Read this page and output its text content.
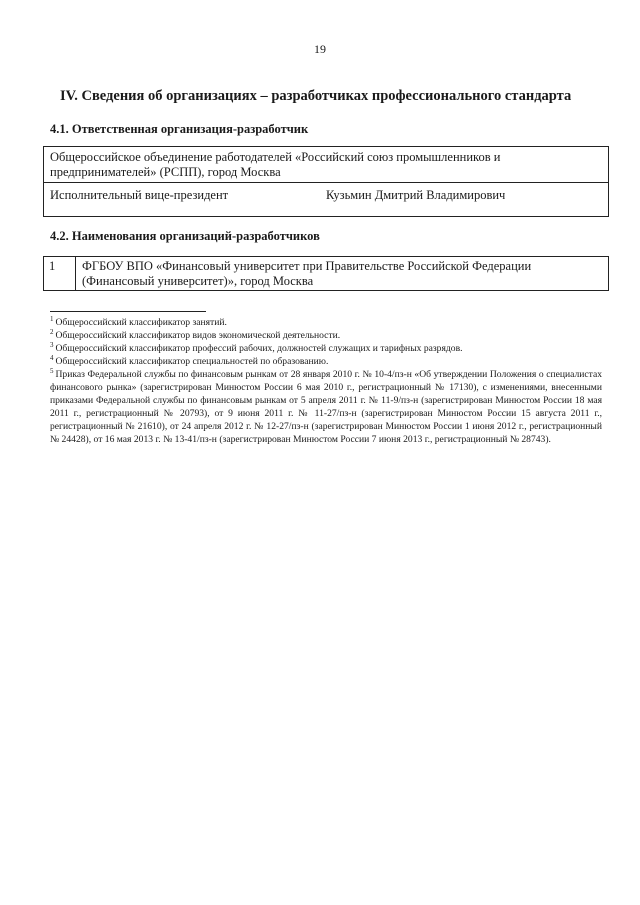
19
IV. Сведения об организациях – разработчиках профессионального стандарта
4.1. Ответственная организация-разработчик
Общероссийское объединение работодателей «Российский союз промышленников и предпринимателей» (РСПП), город Москва
Исполнительный вице-президент	Кузьмин Дмитрий Владимирович
4.2. Наименования организаций-разработчиков
1	ФГБОУ ВПО «Финансовый университет при Правительстве Российской Федерации (Финансовый университет)», город Москва

$^1$ Общероссийский классификатор занятий.

$^2$ Общероссийский классификатор видов экономической деятельности.

$^3$ Общероссийский классификатор профессий рабочих, должностей служащих и тарифных разрядов.

$^4$ Общероссийский классификатор специальностей по образованию.

$^5$ Приказ Федеральной службы по финансовым рынкам от 28 января 2010 г. № 10-4/пз-н «Об утверждении Положения о специалистах финансового рынка» (зарегистрирован Минюстом России 6 мая 2010 г., регистрационный № 17130), с изменениями, внесенными приказами Федеральной службы по финансовым рынкам от 5 апреля 2011 г. № 11-9/пз-н (зарегистрирован Минюстом России 18 мая 2011 г., регистрационный № 20793), от 9 июня 2011 г. № 11-27/пз-н (зарегистрирован Минюстом России 15 августа 2011 г., регистрационный № 21610), от 24 апреля 2012 г. № 12-27/пз-н (зарегистрирован Минюстом России 1 июня 2012 г., регистрационный № 24428), от 16 мая 2013 г. № 13-41/пз-н (зарегистрирован Минюстом России 7 июня 2013 г., регистрационный № 28743).
